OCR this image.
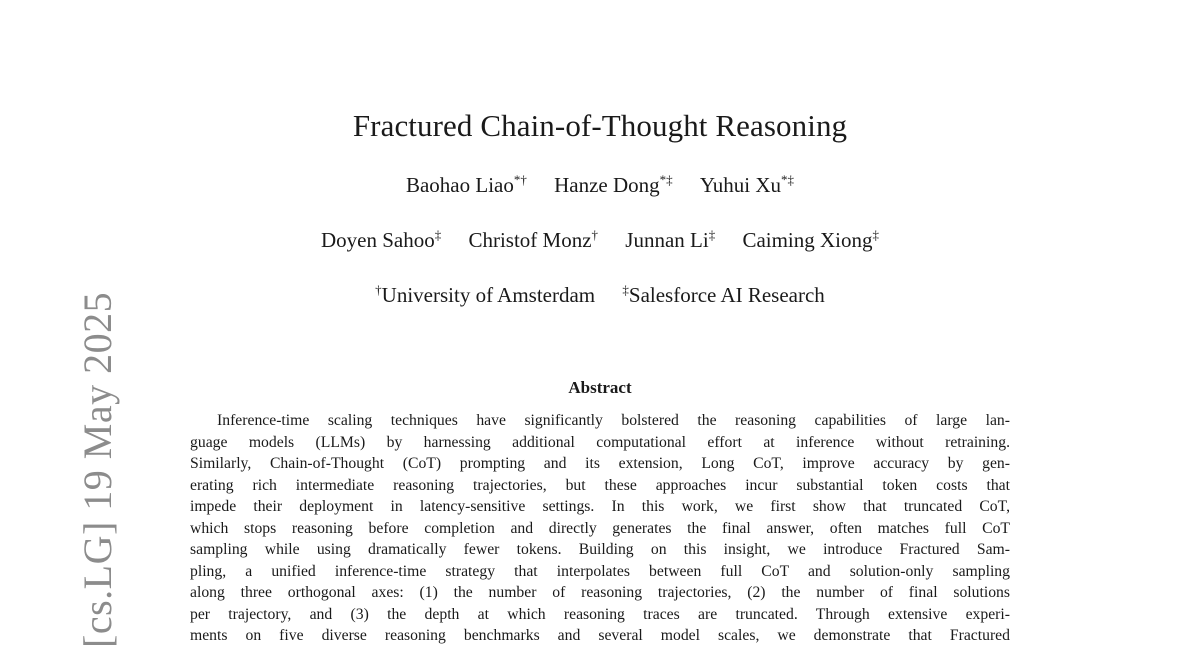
[cs.LG] 19 May 2025
Fractured Chain-of-Thought Reasoning
Baohao Liao*† Hanze Dong*‡ Yuhui Xu*‡
Doyen Sahoo‡ Christof Monz† Junnan Li‡ Caiming Xiong‡
†University of Amsterdam ‡Salesforce AI Research
Abstract
Inference-time scaling techniques have significantly bolstered the reasoning capabilities of large lan-
guage models (LLMs) by harnessing additional computational effort at inference without retraining.
Similarly, Chain-of-Thought (CoT) prompting and its extension, Long CoT, improve accuracy by gen-
erating rich intermediate reasoning trajectories, but these approaches incur substantial token costs that
impede their deployment in latency-sensitive settings. In this work, we first show that truncated CoT,
which stops reasoning before completion and directly generates the final answer, often matches full CoT
sampling while using dramatically fewer tokens. Building on this insight, we introduce Fractured Sam-
pling, a unified inference-time strategy that interpolates between full CoT and solution-only sampling
along three orthogonal axes: (1) the number of reasoning trajectories, (2) the number of final solutions
per trajectory, and (3) the depth at which reasoning traces are truncated. Through extensive experi-
ments on five diverse reasoning benchmarks and several model scales, we demonstrate that Fractured
